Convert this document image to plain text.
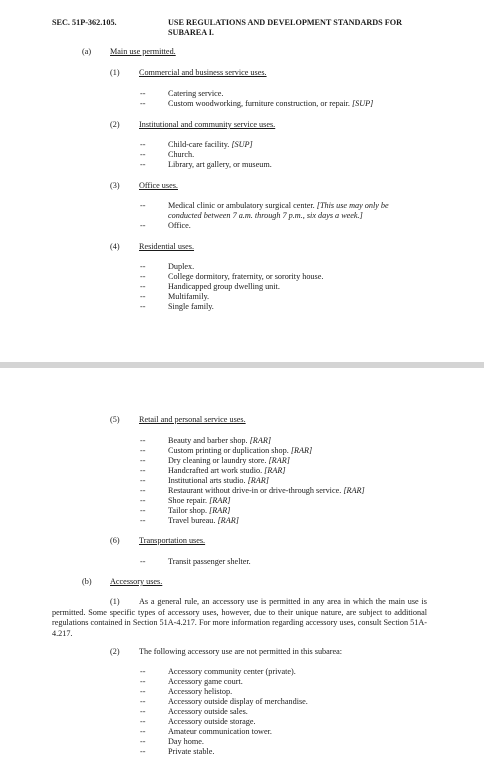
SEC. 51P-362.105.	USE REGULATIONS AND DEVELOPMENT STANDARDS FOR
SUBAREA I.
(a) Main use permitted.
(1) Commercial and business service uses.
--	Catering service.
--	Custom woodworking, furniture construction, or repair. [SUP]
(2) Institutional and community service uses.
--	Child-care facility. [SUP]
--	Church.
--	Library, art gallery, or museum.
(3) Office uses.
--	Medical clinic or ambulatory surgical center. [This use may only be
conducted between 7 a.m. through 7 p.m., six days a week.]
--	Office.
(4) Residential uses.
--	Duplex.
--	College dormitory, fraternity, or sorority house.
--	Handicapped group dwelling unit.
--	Multifamily.
--	Single family.
(5) Retail and personal service uses.
--	Beauty and barber shop. [RAR]
--	Custom printing or duplication shop. [RAR]
--	Dry cleaning or laundry store. [RAR]
--	Handcrafted art work studio. [RAR]
--	Institutional arts studio. [RAR]
--	Restaurant without drive-in or drive-through service. [RAR]
--	Shoe repair. [RAR]
--	Tailor shop. [RAR]
--	Travel bureau. [RAR]
(6) Transportation uses.
--	Transit passenger shelter.
(b) Accessory uses.
(1)	As a general rule, an accessory use is permitted in any area in which the main use is permitted. Some specific types of accessory uses, however, due to their unique nature, are subject to additional regulations contained in Section 51A-4.217. For more information regarding accessory uses, consult Section 51A-4.217.
(2) The following accessory use are not permitted in this subarea:
--	Accessory community center (private).
--	Accessory game court.
--	Accessory helistop.
--	Accessory outside display of merchandise.
--	Accessory outside sales.
--	Accessory outside storage.
--	Amateur communication tower.
--	Day home.
--	Private stable.
